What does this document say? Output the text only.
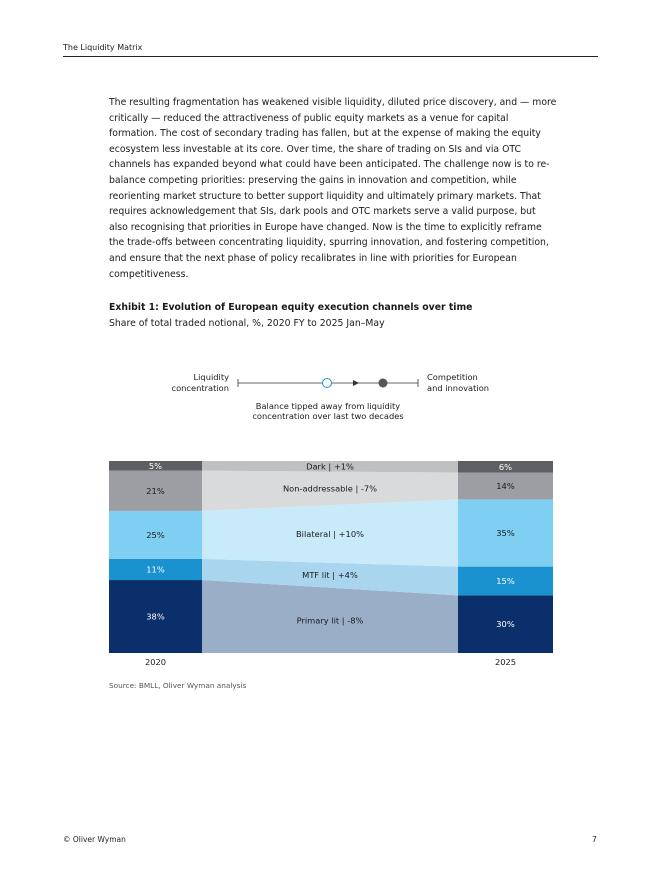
The Liquidity Matrix
The resulting fragmentation has weakened visible liquidity, diluted price discovery, and — more critically — reduced the attractiveness of public equity markets as a venue for capital formation. The cost of secondary trading has fallen, but at the expense of making the equity ecosystem less investable at its core. Over time, the share of trading on SIs and via OTC channels has expanded beyond what could have been anticipated. The challenge now is to re-balance competing priorities: preserving the gains in innovation and competition, while reorienting market structure to better support liquidity and ultimately primary markets. That requires acknowledgement that SIs, dark pools and OTC markets serve a valid purpose, but also recognising that priorities in Europe have changed. Now is the time to explicitly reframe the trade-offs between concentrating liquidity, spurring innovation, and fostering competition, and ensure that the next phase of policy recalibrates in line with priorities for European competitiveness.
Exhibit 1: Evolution of European equity execution channels over time
Share of total traded notional, %, 2020 FY to 2025 Jan–May
Liquidity
concentration
Competition
and innovation
Balance tipped away from liquidity
concentration over last two decades
38%
30%
Primary lit | -8%
11%
15%
MTF lit | +4%
25%	35%
Bilateral | +10%
21%	14%
Non-addressable | -7%
5%	6%
Dark | +1%
2020	2025
Source: BMLL, Oliver Wyman analysis
© Oliver Wyman	7
